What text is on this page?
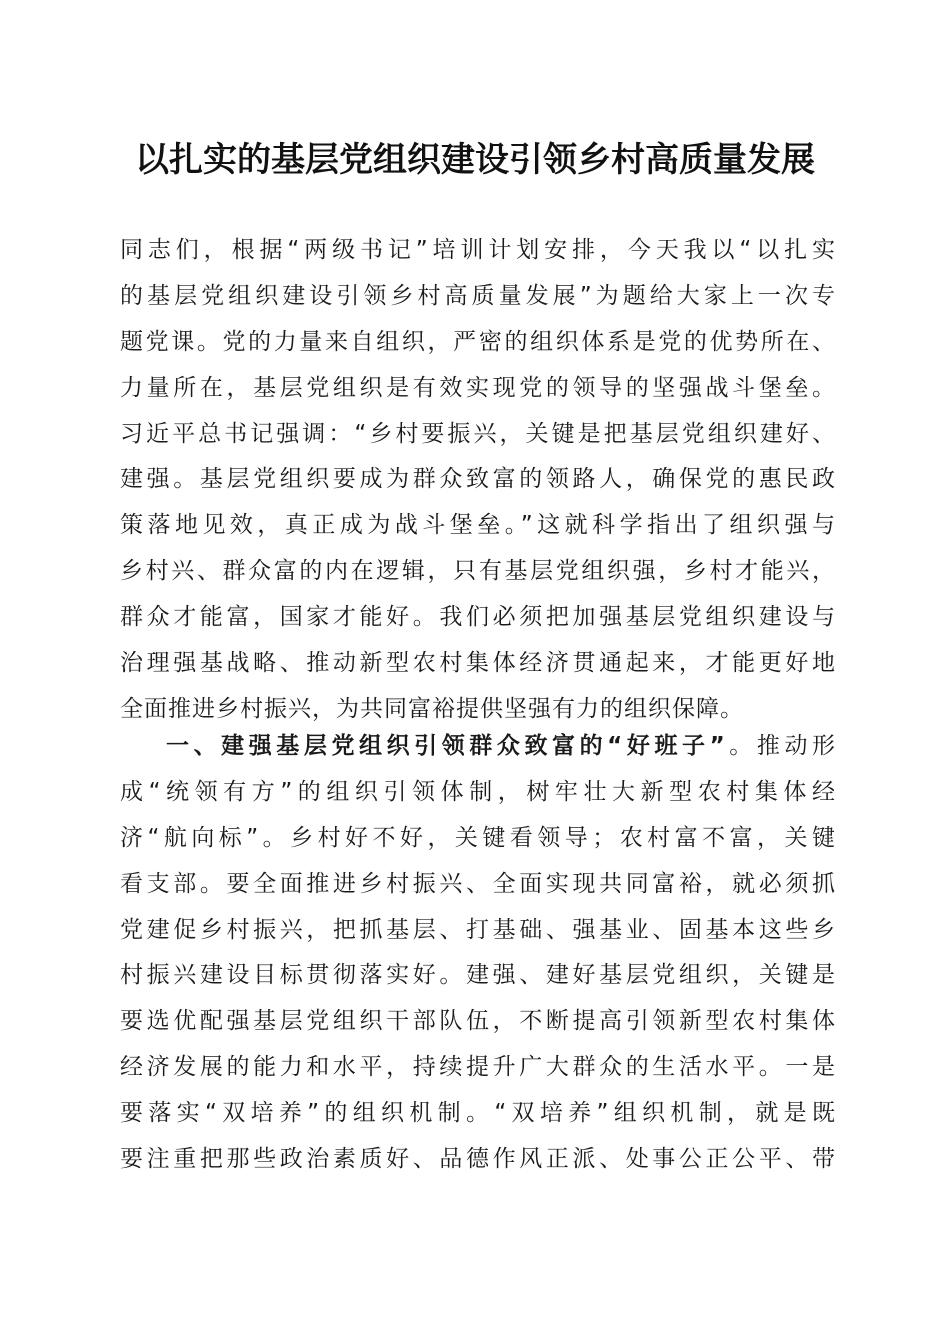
以扎实的基层党组织建设引领乡村高质量发展
同志们，根据“两级书记”培训计划安排，今天我以“以扎实
的基层党组织建设引领乡村高质量发展”为题给大家上一次专
题党课。党的力量来自组织，严密的组织体系是党的优势所在、
力量所在，基层党组织是有效实现党的领导的坚强战斗堡垒。
习近平总书记强调：“乡村要振兴，关键是把基层党组织建好、
建强。基层党组织要成为群众致富的领路人，确保党的惠民政
策落地见效，真正成为战斗堡垒。”这就科学指出了组织强与
乡村兴、群众富的内在逻辑，只有基层党组织强，乡村才能兴，
群众才能富，国家才能好。我们必须把加强基层党组织建设与
治理强基战略、推动新型农村集体经济贯通起来，才能更好地
全面推进乡村振兴，为共同富裕提供坚强有力的组织保障。
一、建强基层党组织引领群众致富的“好班子”。推动形
成“统领有方”的组织引领体制，树牢壮大新型农村集体经
济“航向标”。乡村好不好，关键看领导；农村富不富，关键
看支部。要全面推进乡村振兴、全面实现共同富裕，就必须抓
党建促乡村振兴，把抓基层、打基础、强基业、固基本这些乡
村振兴建设目标贯彻落实好。建强、建好基层党组织，关键是
要选优配强基层党组织干部队伍，不断提高引领新型农村集体
经济发展的能力和水平，持续提升广大群众的生活水平。一是
要落实“双培养”的组织机制。“双培养”组织机制，就是既
要注重把那些政治素质好、品德作风正派、处事公正公平、带
